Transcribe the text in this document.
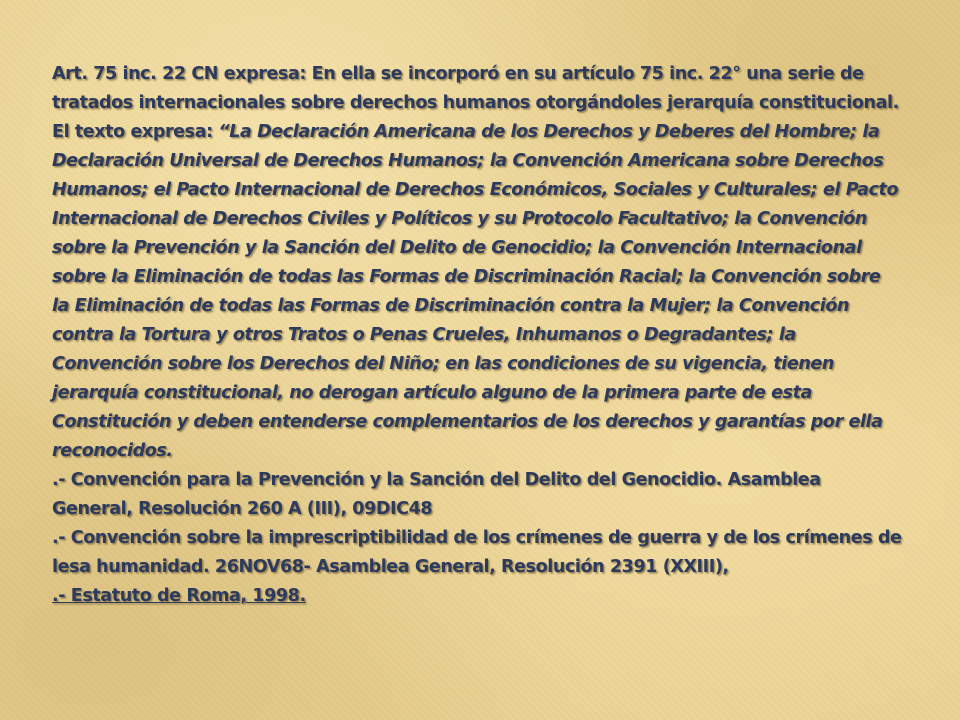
Art. 75 inc. 22 CN expresa: En ella se incorporó en su artículo 75 inc. 22° una serie de tratados internacionales sobre derechos humanos otorgándoles jerarquía constitucional. El texto expresa: “La Declaración Americana de los Derechos y Deberes del Hombre; la Declaración Universal de Derechos Humanos; la Convención Americana sobre Derechos Humanos; el Pacto Internacional de Derechos Económicos, Sociales y Culturales; el Pacto Internacional de Derechos Civiles y Políticos y su Protocolo Facultativo; la Convención sobre la Prevención y la Sanción del Delito de Genocidio; la Convención Internacional sobre la Eliminación de todas las Formas de Discriminación Racial; la Convención sobre la Eliminación de todas las Formas de Discriminación contra la Mujer; la Convención contra la Tortura y otros Tratos o Penas Crueles, Inhumanos o Degradantes; la Convención sobre los Derechos del Niño; en las condiciones de su vigencia, tienen jerarquía constitucional, no derogan artículo alguno de la primera parte de esta Constitución y deben entenderse complementarios de los derechos y garantías por ella reconocidos.

.- Convención para la Prevención y la Sanción del Delito del Genocidio. Asamblea General, Resolución 260 A (III), 09DIC48

.- Convención sobre la imprescriptibilidad de los crímenes de guerra y de los crímenes de lesa humanidad. 26NOV68- Asamblea General, Resolución 2391 (XXIII),

.- Estatuto de Roma, 1998.
